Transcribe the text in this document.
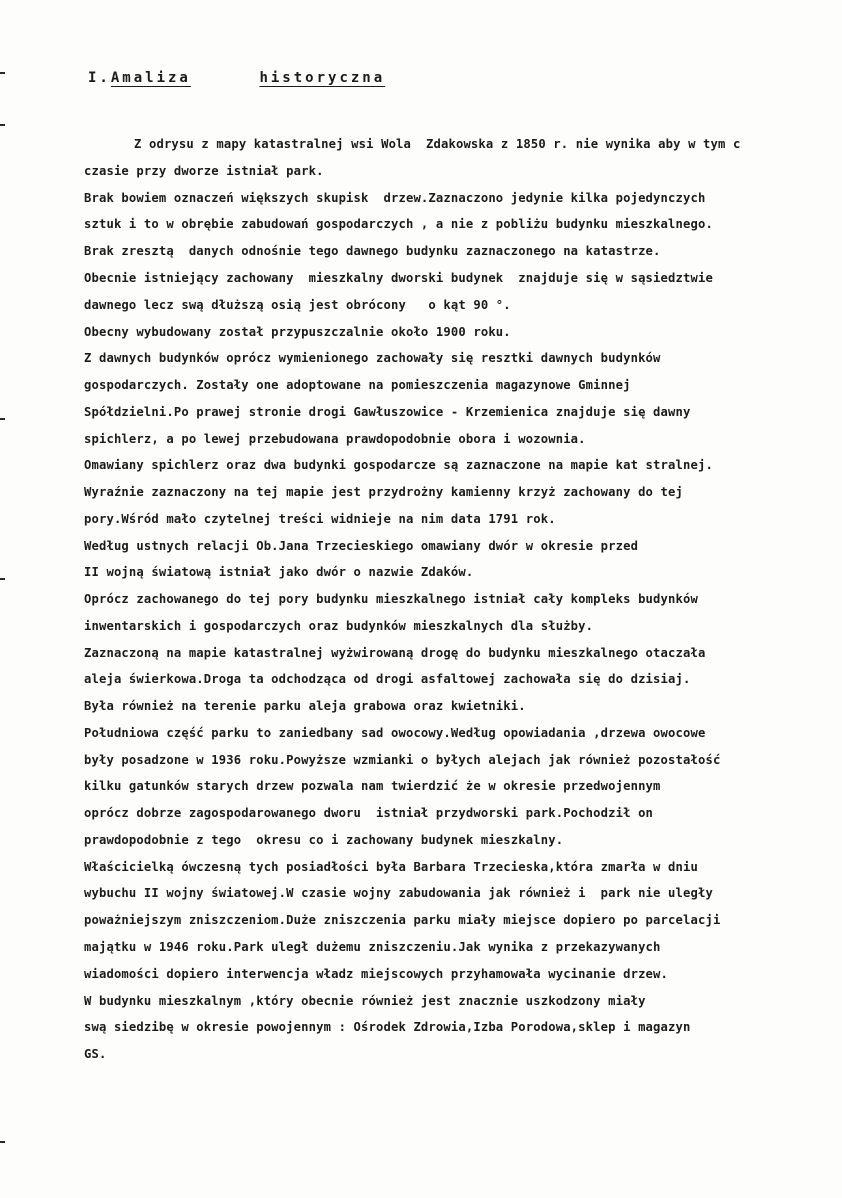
I.Amaliza	historyczna
Z odrysu z mapy katastralnej wsi Wola  Zdakowska z 1850 r. nie wynika aby w tym c
czasie przy dworze istniał park.
Brak bowiem oznaczeń większych skupisk  drzew.Zaznaczono jedynie kilka pojedynczych
sztuk i to w obrębie zabudowań gospodarczych , a nie z pobliżu budynku mieszkalnego.
Brak zresztą  danych odnośnie tego dawnego budynku zaznaczonego na katastrze.
Obecnie istniejący zachowany  mieszkalny dworski budynek  znajduje się w sąsiedztwie
dawnego lecz swą dłuższą osią jest obrócony   o kąt 90 °.
Obecny wybudowany został przypuszczalnie około 1900 roku.
Z dawnych budynków oprócz wymienionego zachowały się resztki dawnych budynków
gospodarczych. Zostały one adoptowane na pomieszczenia magazynowe Gminnej
Spółdzielni.Po prawej stronie drogi Gawłuszowice - Krzemienica znajduje się dawny
spichlerz, a po lewej przebudowana prawdopodobnie obora i wozownia.
Omawiany spichlerz oraz dwa budynki gospodarcze są zaznaczone na mapie kat stralnej.
Wyraźnie zaznaczony na tej mapie jest przydrożny kamienny krzyż zachowany do tej
pory.Wśród mało czytelnej treści widnieje na nim data 1791 rok.
Według ustnych relacji Ob.Jana Trzecieskiego omawiany dwór w okresie przed
II wojną światową istniał jako dwór o nazwie Zdaków.
Oprócz zachowanego do tej pory budynku mieszkalnego istniał cały kompleks budynków
inwentarskich i gospodarczych oraz budynków mieszkalnych dla służby.
Zaznaczoną na mapie katastralnej wyżwirowaną drogę do budynku mieszkalnego otaczała
aleja świerkowa.Droga ta odchodząca od drogi asfaltowej zachowała się do dzisiaj.
Była również na terenie parku aleja grabowa oraz kwietniki.
Południowa część parku to zaniedbany sad owocowy.Według opowiadania ,drzewa owocowe
były posadzone w 1936 roku.Powyższe wzmianki o byłych alejach jak również pozostałość
kilku gatunków starych drzew pozwala nam twierdzić że w okresie przedwojennym
oprócz dobrze zagospodarowanego dworu  istniał przydworski park.Pochodził on
prawdopodobnie z tego  okresu co i zachowany budynek mieszkalny.
Właścicielką ówczesną tych posiadłości była Barbara Trzecieska,która zmarła w dniu
wybuchu II wojny światowej.W czasie wojny zabudowania jak również i  park nie uległy
poważniejszym zniszczeniom.Duże zniszczenia parku miały miejsce dopiero po parcelacji
majątku w 1946 roku.Park uległ dużemu zniszczeniu.Jak wynika z przekazywanych
wiadomości dopiero interwencja władz miejscowych przyhamowała wycinanie drzew.
W budynku mieszkalnym ,który obecnie również jest znacznie uszkodzony miały
swą siedzibę w okresie powojennym : Ośrodek Zdrowia,Izba Porodowa,sklep i magazyn
GS.
